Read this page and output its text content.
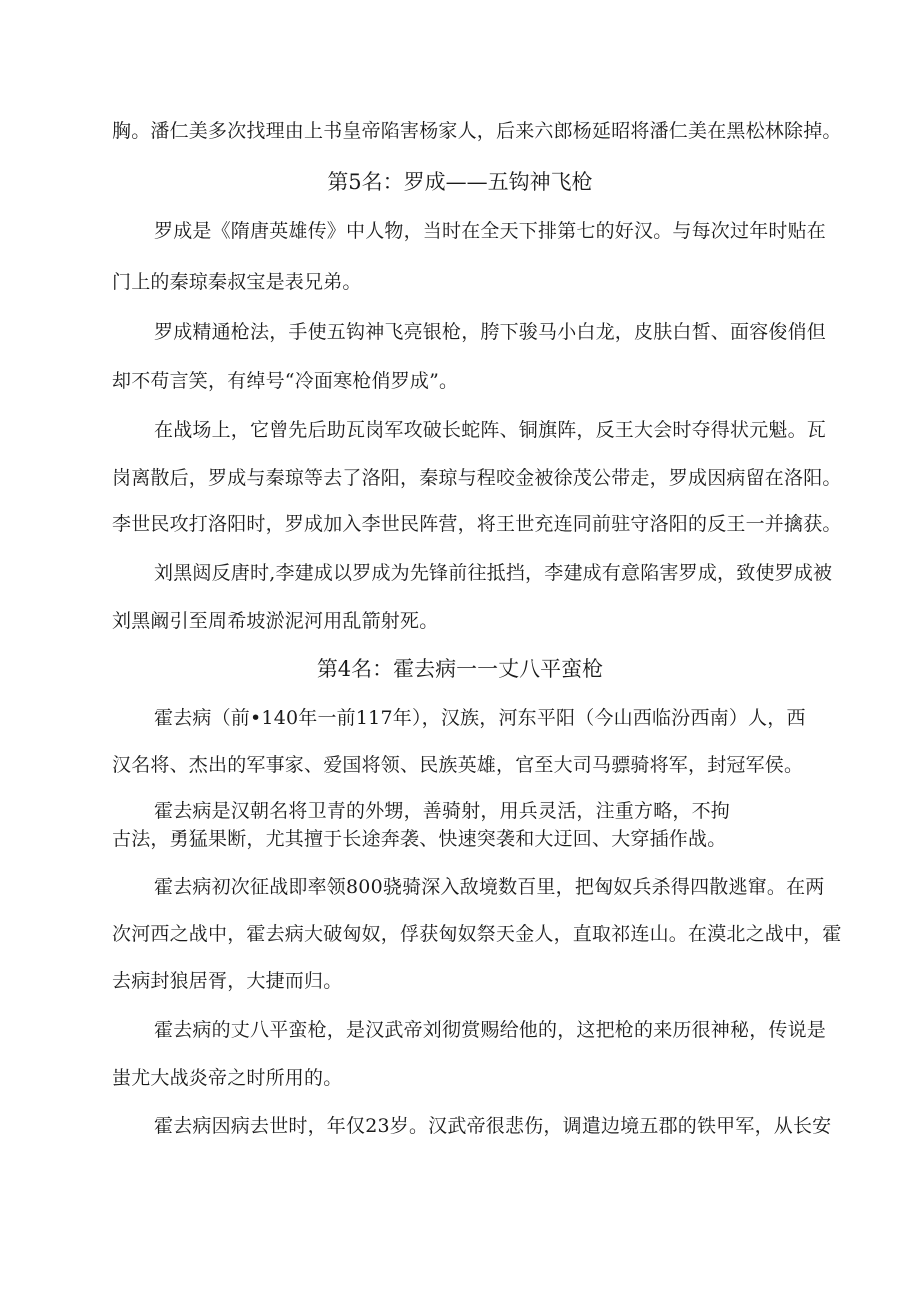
胸。潘仁美多次找理由上书皇帝陷害杨家人，后来六郎杨延昭将潘仁美在黑松林除掉。
第5名：罗成——五钩神飞枪
罗成是《隋唐英雄传》中人物，当时在全天下排第七的好汉。与每次过年时贴在
门上的秦琼秦叔宝是表兄弟。
罗成精通枪法，手使五钩神飞亮银枪，胯下骏马小白龙，皮肤白皙、面容俊俏但
却不苟言笑，有绰号“冷面寒枪俏罗成”。
在战场上，它曾先后助瓦岗军攻破长蛇阵、铜旗阵，反王大会时夺得状元魁。瓦
岗离散后，罗成与秦琼等去了洛阳，秦琼与程咬金被徐茂公带走，罗成因病留在洛阳。
李世民攻打洛阳时，罗成加入李世民阵营，将王世充连同前驻守洛阳的反王一并擒获。
刘黑闼反唐时,李建成以罗成为先锋前往抵挡，李建成有意陷害罗成，致使罗成被
刘黑阚引至周希坡淤泥河用乱箭射死。
第4名：霍去病一一丈八平蛮枪
霍去病（前•140年一前117年），汉族，河东平阳（今山西临汾西南）人，西
汉名将、杰出的军事家、爱国将领、民族英雄，官至大司马骠骑将军，封冠军侯。
霍去病是汉朝名将卫青的外甥，善骑射，用兵灵活，注重方略，不拘
古法，勇猛果断，尤其擅于长途奔袭、快速突袭和大迂回、大穿插作战。
霍去病初次征战即率领800骁骑深入敌境数百里，把匈奴兵杀得四散逃窜。在两
次河西之战中，霍去病大破匈奴，俘获匈奴祭天金人，直取祁连山。在漠北之战中，霍
去病封狼居胥，大捷而归。
霍去病的丈八平蛮枪，是汉武帝刘彻赏赐给他的，这把枪的来历很神秘，传说是
蚩尤大战炎帝之时所用的。
霍去病因病去世时，年仅23岁。汉武帝很悲伤，调遣边境五郡的铁甲军，从长安
